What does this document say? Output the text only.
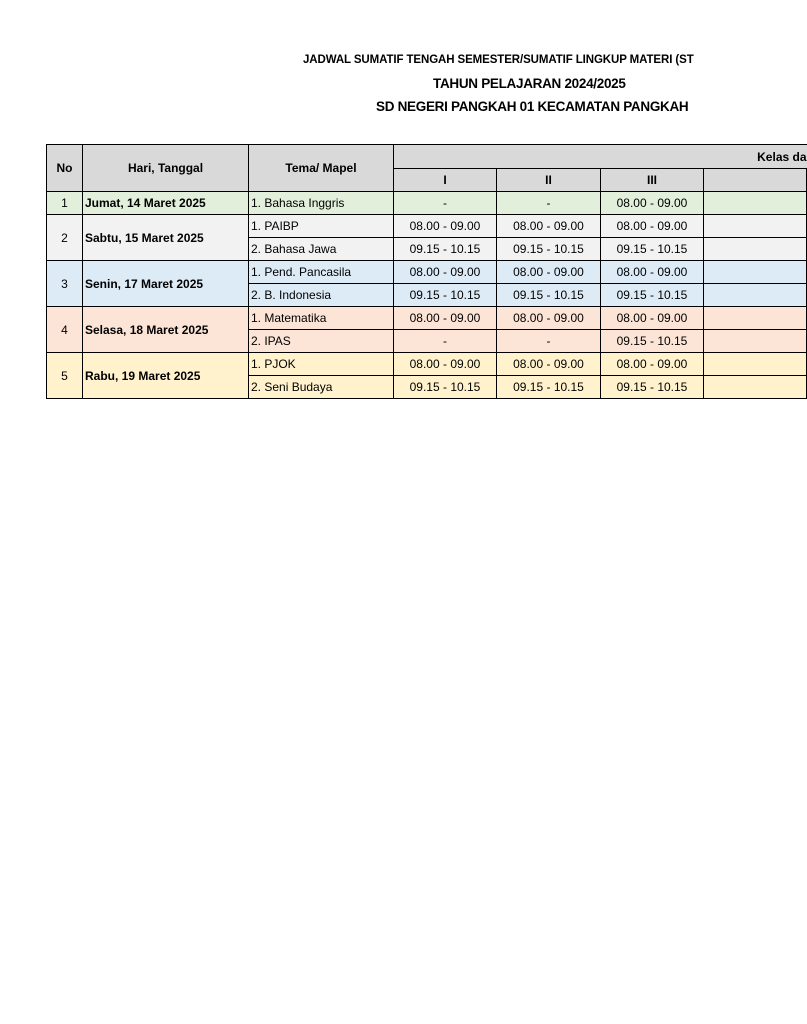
JADWAL SUMATIF TENGAH SEMESTER/SUMATIF LINGKUP MATERI (ST
TAHUN PELAJARAN 2024/2025
SD NEGERI PANGKAH 01 KECAMATAN PANGKAH
No	Hari, Tanggal	Tema/ Mapel	Kelas da			
			I	II	III	
1	Jumat, 14 Maret 2025	1. Bahasa Inggris	-	-	08.00 - 09.00	
2	Sabtu, 15 Maret 2025	1. PAIBP	08.00 - 09.00	08.00 - 09.00	08.00 - 09.00	
		2. Bahasa Jawa	09.15 - 10.15	09.15 - 10.15	09.15 - 10.15	
3	Senin, 17 Maret 2025	1. Pend. Pancasila	08.00 - 09.00	08.00 - 09.00	08.00 - 09.00	
		2. B. Indonesia	09.15 - 10.15	09.15 - 10.15	09.15 - 10.15	
4	Selasa, 18 Maret 2025	1. Matematika	08.00 - 09.00	08.00 - 09.00	08.00 - 09.00	
		2. IPAS	-	-	09.15 - 10.15	
5	Rabu, 19 Maret 2025	1. PJOK	08.00 - 09.00	08.00 - 09.00	08.00 - 09.00	
		2. Seni Budaya	09.15 - 10.15	09.15 - 10.15	09.15 - 10.15	
